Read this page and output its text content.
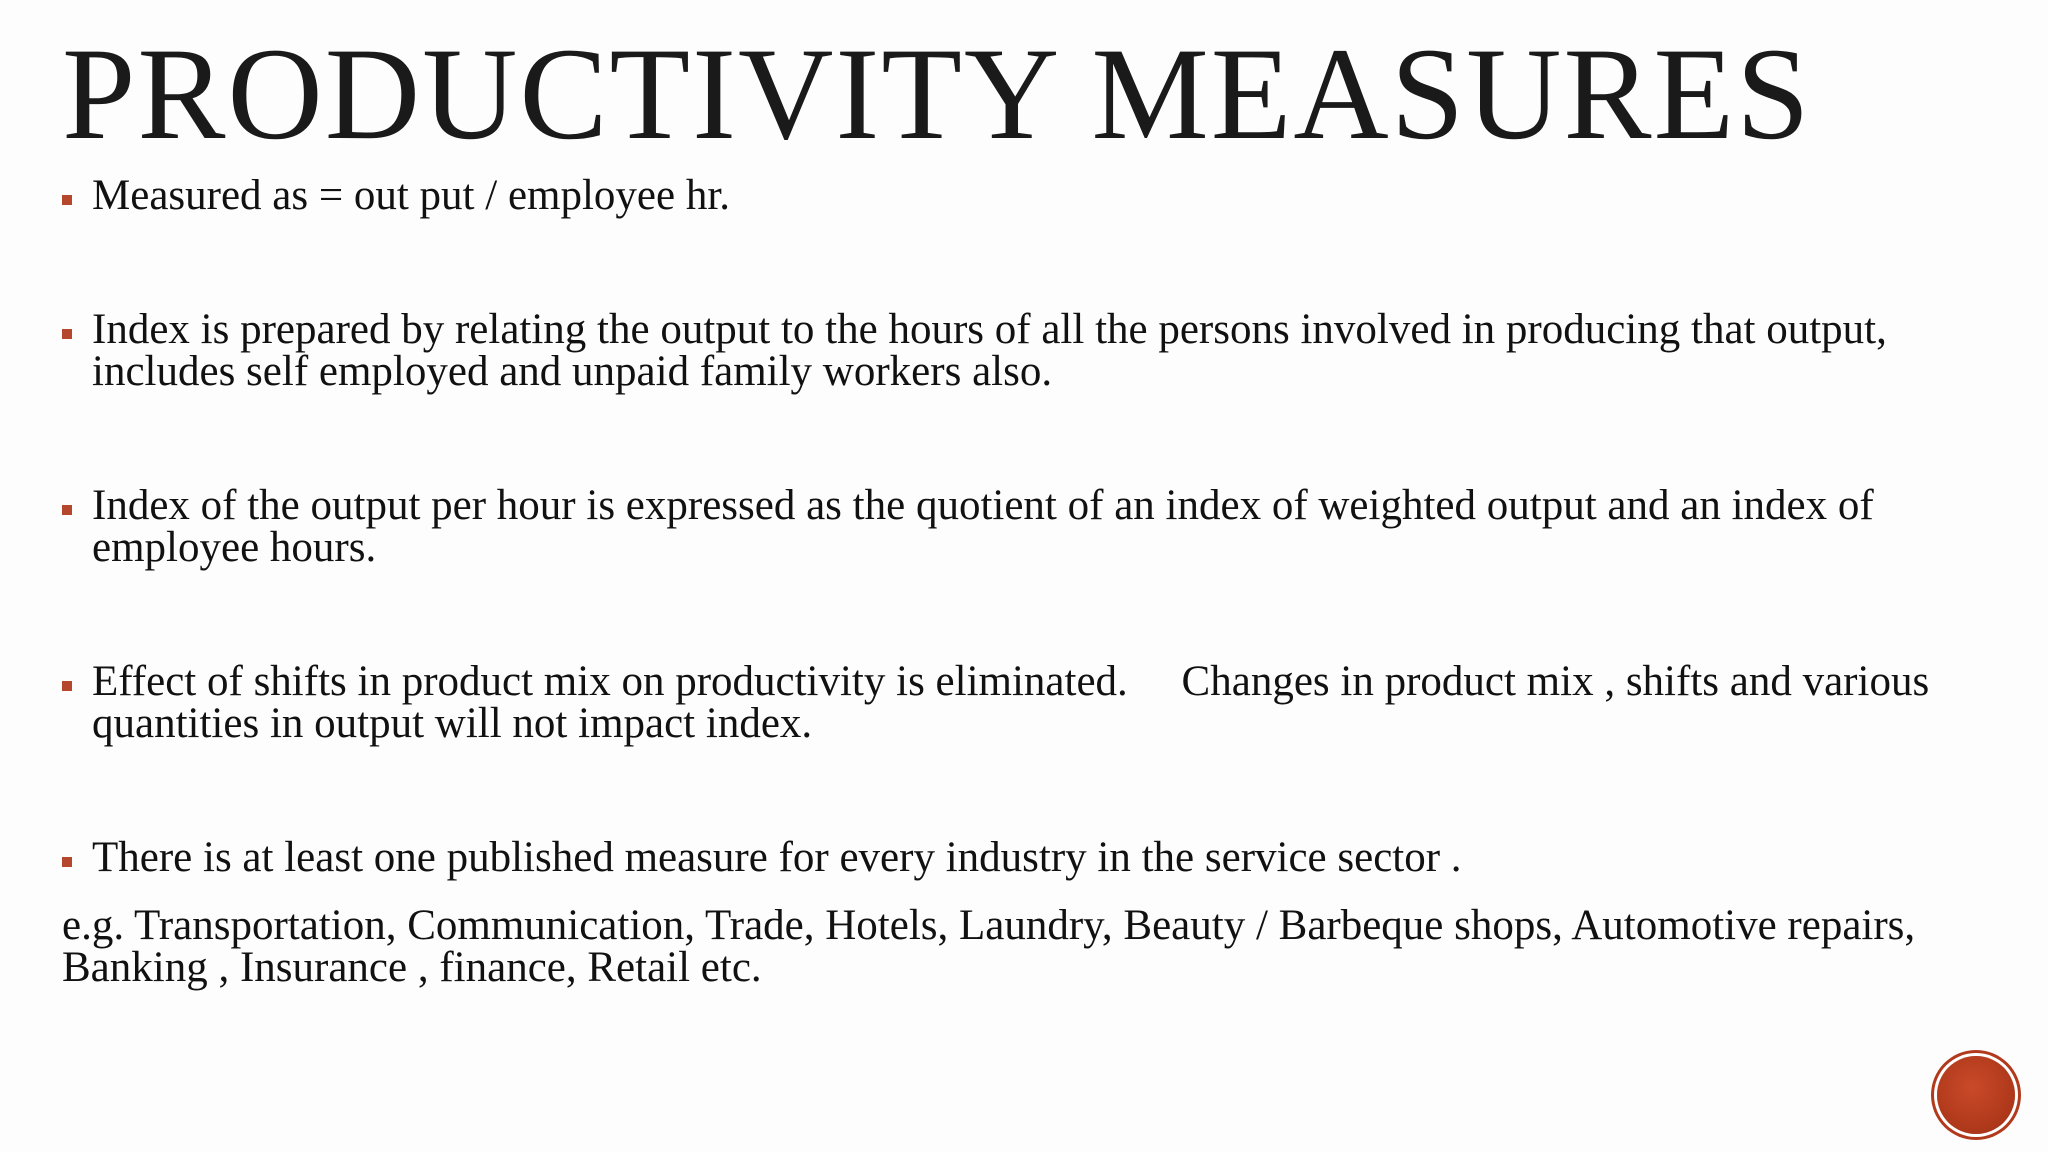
PRODUCTIVITY MEASURES
Measured as = out put / employee hr.
Index is prepared by relating the output to the hours of all the persons involved in producing that output, includes self employed and unpaid family workers also.
Index of the output per hour is expressed as the quotient of an index of weighted output and an index of employee hours.
Effect of shifts in product mix on productivity is eliminated.     Changes in product mix , shifts and various quantities in output will not impact index.
There is at least one published measure for every industry in the service sector .

e.g. Transportation, Communication, Trade, Hotels, Laundry, Beauty / Barbeque shops, Automotive repairs, Banking , Insurance , finance, Retail etc.
